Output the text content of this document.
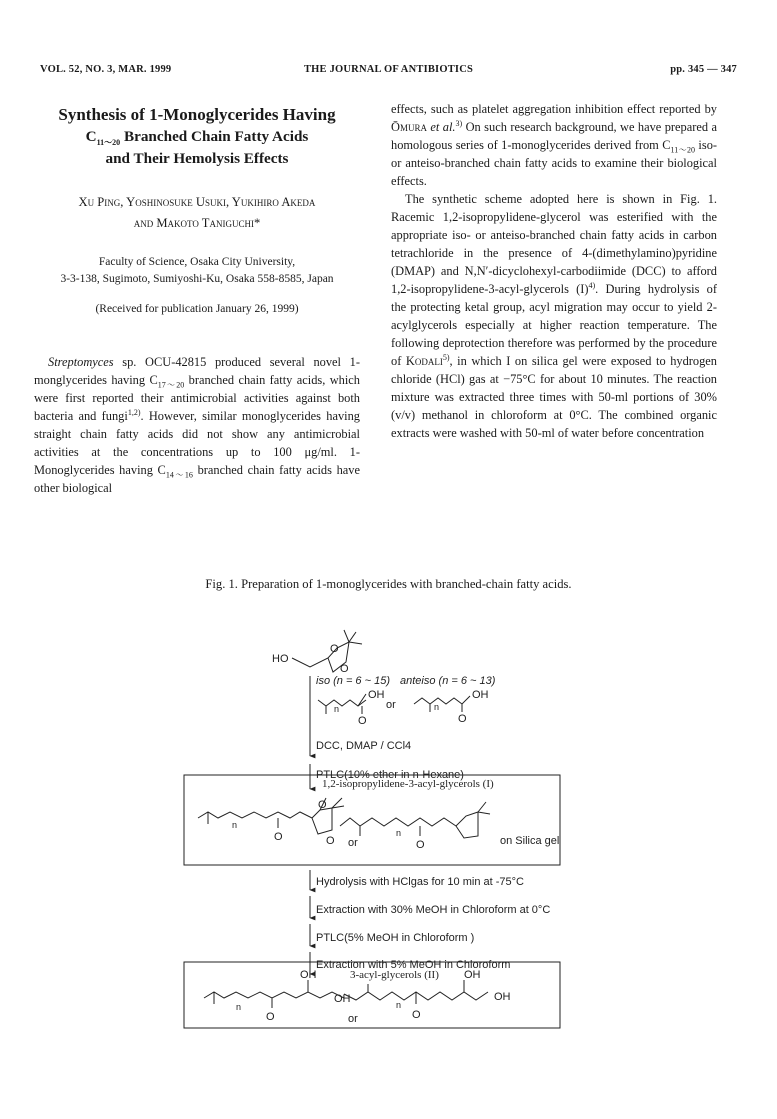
VOL. 52, NO. 3, MAR. 1999	THE JOURNAL OF ANTIBIOTICS	pp. 345 — 347

Synthesis of 1-Monoglycerides Having

$C_{11\sim 20}$ Branched Chain Fatty Acids

and Their Hemolysis Effects

Xu Ping, Yoshinosuke Usuki, Yukihiro Akeda
and Makoto Taniguchi*
Faculty of Science, Osaka City University,
3-3-138, Sugimoto, Sumiyoshi-Ku, Osaka 558-8585, Japan
(Received for publication January 26, 1999)

Streptomyces sp. OCU-42815 produced several novel 1-monglycerides having $C_{17\sim 20}$ branched chain fatty acids, which were first reported their antimicrobial activities against both bacteria and fungi$^{1,2)}$. However, similar monoglycerides having straight chain fatty acids did not show any antimicrobial activities at the concentrations up to 100 μg/ml. 1-Monoglycerides having $C_{14\sim 16}$ branched chain fatty acids have other biological

effects, such as platelet aggregation inhibition effect reported by Ōmura et al.$^{3)}$ On such research background, we have prepared a homologous series of 1-monoglycerides derived from $C_{11\sim 20}$ iso- or anteiso-branched chain fatty acids to examine their biological effects.

The synthetic scheme adopted here is shown in Fig. 1. Racemic 1,2-isopropylidene-glycerol was esterified with the appropriate iso- or anteiso-branched chain fatty acids in carbon tetrachloride in the presence of 4-(dimethylamino)pyridine (DMAP) and N,N′-dicyclohexyl-carbodiimide (DCC) to afford 1,2-isopropylidene-3-acyl-glycerols $(I)^{4)}$. During hydrolysis of the protecting ketal group, acyl migration may occur to yield 2-acylglycerols especially at higher reaction temperature. The following deprotection therefore was performed by the procedure of Kodali$^{5)}$, in which I on silica gel were exposed to hydrogen chloride (HCl) gas at −75°C for about 10 minutes. The reaction mixture was extracted three times with 50-ml portions of 30% (v/v) methanol in chloroform at 0°C. The combined organic extracts were washed with 50-ml of water before concentration

Fig. 1. Preparation of 1-monoglycerides with branched-chain fatty acids.
HO
O
O
iso (n = 6 ~ 15) anteiso (n = 6 ~ 13)
OH	OH
n	n
O	O
or
DCC, DMAP / CCl4
PTLC(10% ether in n-Hexane)
1,2-isopropylidene-3-acyl-glycerols (I)
O
n
O	O or
n
O	on Silica gel
Hydrolysis with HClgas for 10 min at -75°C
Extraction with 30% MeOH in Chloroform at 0°C
PTLC(5% MeOH in Chloroform )
Extraction with 5% MeOH in Chloroform
3-acyl-glycerols (II)
OH
OH
OH
OH
n
O	or
n
O
